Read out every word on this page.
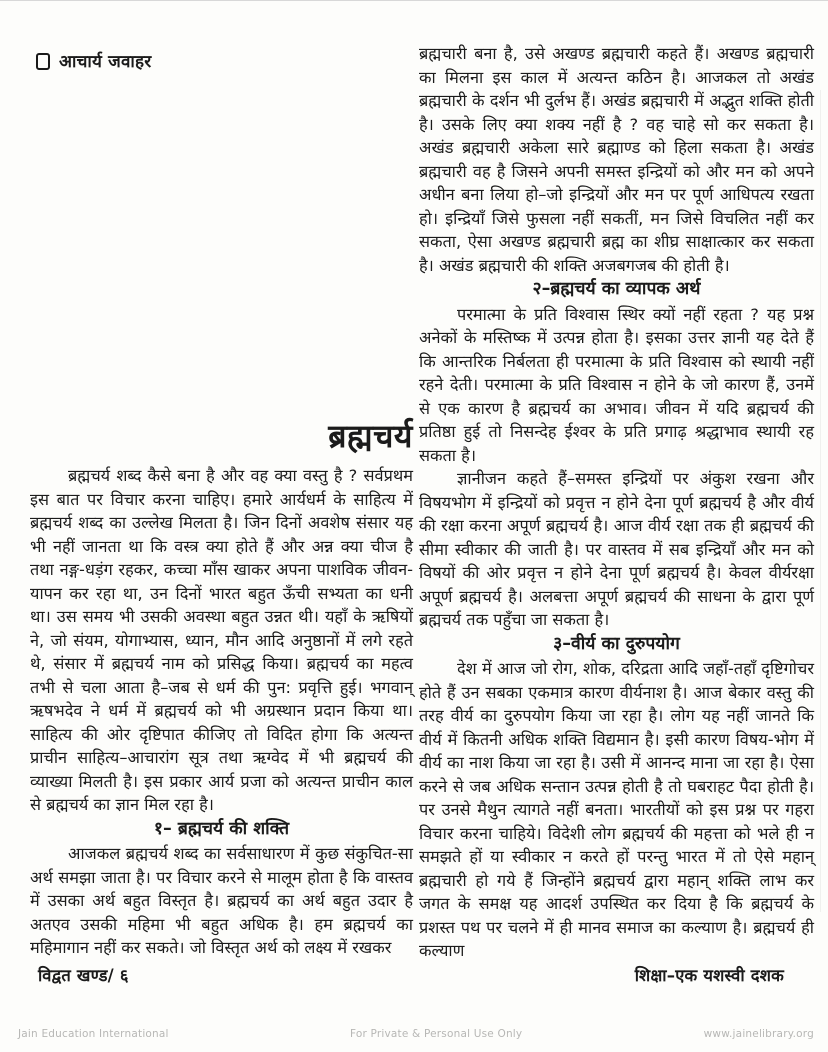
आचार्य जवाहर	ब्रह्मचारी बना है, उसे अखण्ड ब्रह्मचारी कहते हैं। अखण्ड ब्रह्मचारी का मिलना इस काल में अत्यन्त कठिन है। आजकल तो अखंड ब्रह्मचारी के दर्शन भी दुर्लभ हैं। अखंड ब्रह्मचारी में अद्भुत शक्ति होती है। उसके लिए क्या शक्य नहीं है ? वह चाहे सो कर सकता है। अखंड ब्रह्मचारी अकेला सारे ब्रह्माण्ड को हिला सकता है। अखंड ब्रह्मचारी वह है जिसने अपनी समस्त इन्द्रियों को और मन को अपने अधीन बना लिया हो–जो इन्द्रियों और मन पर पूर्ण आधिपत्य रखता हो। इन्द्रियाँ जिसे फुसला नहीं सकतीं, मन जिसे विचलित नहीं कर सकता, ऐसा अखण्ड ब्रह्मचारी ब्रह्म का शीघ्र साक्षात्कार कर सकता है। अखंड ब्रह्मचारी की शक्ति अजबगजब की होती है।

२–ब्रह्मचर्य का व्यापक अर्थ

परमात्मा के प्रति विश्वास स्थिर क्यों नहीं रहता ? यह प्रश्न अनेकों के मस्तिष्क में उत्पन्न होता है। इसका उत्तर ज्ञानी यह देते हैं कि आन्तरिक निर्बलता ही परमात्मा के प्रति विश्वास को स्थायी नहीं रहने देती। परमात्मा के प्रति विश्वास न होने के जो कारण हैं, उनमें से एक कारण है ब्रह्मचर्य का अभाव। जीवन में यदि ब्रह्मचर्य की प्रतिष्ठा हुई तो निसन्देह ईश्वर के प्रति प्रगाढ़ श्रद्धाभाव स्थायी रह सकता है।

ज्ञानीजन कहते हैं–समस्त इन्द्रियों पर अंकुश रखना और विषयभोग में इन्द्रियों को प्रवृत्त न होने देना पूर्ण ब्रह्मचर्य है और वीर्य की रक्षा करना अपूर्ण ब्रह्मचर्य है। आज वीर्य रक्षा तक ही ब्रह्मचर्य की सीमा स्वीकार की जाती है। पर वास्तव में सब इन्द्रियाँ और मन को विषयों की ओर प्रवृत्त न होने देना पूर्ण ब्रह्मचर्य है। केवल वीर्यरक्षा अपूर्ण ब्रह्मचर्य है। अलबत्ता अपूर्ण ब्रह्मचर्य की साधना के द्वारा पूर्ण ब्रह्मचर्य तक पहुँचा जा सकता है।

३–वीर्य का दुरुपयोग

देश में आज जो रोग, शोक, दरिद्रता आदि जहाँ-तहाँ दृष्टिगोचर होते हैं उन सबका एकमात्र कारण वीर्यनाश है। आज बेकार वस्तु की तरह वीर्य का दुरुपयोग किया जा रहा है। लोग यह नहीं जानते कि वीर्य में कितनी अधिक शक्ति विद्यमान है। इसी कारण विषय-भोग में वीर्य का नाश किया जा रहा है। उसी में आनन्द माना जा रहा है। ऐसा करने से जब अधिक सन्तान उत्पन्न होती है तो घबराहट पैदा होती है। पर उनसे मैथुन त्यागते नहीं बनता। भारतीयों को इस प्रश्न पर गहरा विचार करना चाहिये। विदेशी लोग ब्रह्मचर्य की महत्ता को भले ही न समझते हों या स्वीकार न करते हों परन्तु भारत में तो ऐसे महान् ब्रह्मचारी हो गये हैं जिन्होंने ब्रह्मचर्य द्वारा महान् शक्ति लाभ कर जगत के समक्ष यह आदर्श उपस्थित कर दिया है कि ब्रह्मचर्य के प्रशस्त पथ पर चलने में ही मानव समाज का कल्याण है। ब्रह्मचर्य ही कल्याण

ब्रह्मचर्य

ब्रह्मचर्य शब्द कैसे बना है और वह क्या वस्तु है ? सर्वप्रथम इस बात पर विचार करना चाहिए। हमारे आर्यधर्म के साहित्य में ब्रह्मचर्य शब्द का उल्लेख मिलता है। जिन दिनों अवशेष संसार यह भी नहीं जानता था कि वस्त्र क्या होते हैं और अन्न क्या चीज है तथा नङ्ग-धड़ंग रहकर, कच्चा माँस खाकर अपना पाशविक जीवन-यापन कर रहा था, उन दिनों भारत बहुत ऊँची सभ्यता का धनी था। उस समय भी उसकी अवस्था बहुत उन्नत थी। यहाँ के ऋषियों ने, जो संयम, योगाभ्यास, ध्यान, मौन आदि अनुष्ठानों में लगे रहते थे, संसार में ब्रह्मचर्य नाम को प्रसिद्ध किया। ब्रह्मचर्य का महत्व तभी से चला आता है–जब से धर्म की पुन: प्रवृत्ति हुई। भगवान् ऋषभदेव ने धर्म में ब्रह्मचर्य को भी अग्रस्थान प्रदान किया था। साहित्य की ओर दृष्टिपात कीजिए तो विदित होगा कि अत्यन्त प्राचीन साहित्य–आचारांग सूत्र तथा ऋग्वेद में भी ब्रह्मचर्य की व्याख्या मिलती है। इस प्रकार आर्य प्रजा को अत्यन्त प्राचीन काल से ब्रह्मचर्य का ज्ञान मिल रहा है।

१– ब्रह्मचर्य की शक्ति

आजकल ब्रह्मचर्य शब्द का सर्वसाधारण में कुछ संकुचित-सा अर्थ समझा जाता है। पर विचार करने से मालूम होता है कि वास्तव में उसका अर्थ बहुत विस्तृत है। ब्रह्मचर्य का अर्थ बहुत उदार है अतएव उसकी महिमा भी बहुत अधिक है। हम ब्रह्मचर्य का महिमागान नहीं कर सकते। जो विस्तृत अर्थ को लक्ष्य में रखकर

विद्वत खण्ड/ ६	शिक्षा–एक यशस्वी दशक
Jain Education International	For Private & Personal Use Only	www.jainelibrary.org
